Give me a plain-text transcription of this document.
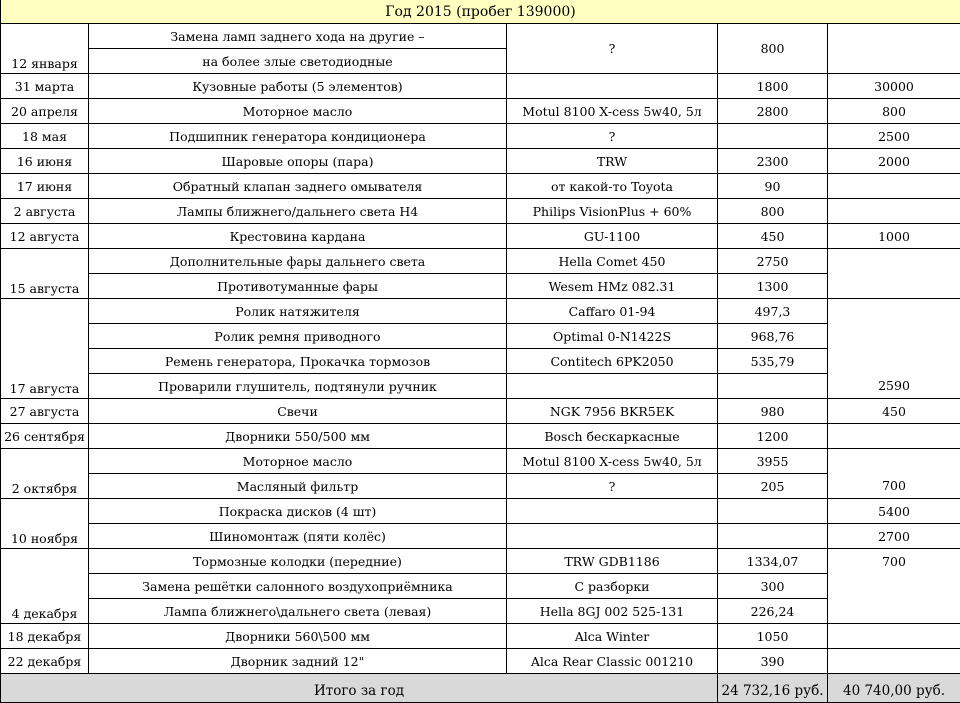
Год 2015 (пробег 139000)				
12 января	Замена ламп заднего хода на другие –	?	800	
	на более злые светодиодные			
31 марта	Кузовные работы (5 элементов)		1800	30000
20 апреля	Моторное масло	Motul 8100 X-cess 5w40, 5л	2800	800
18 мая	Подшипник генератора кондиционера	?		2500
16 июня	Шаровые опоры (пара)	TRW	2300	2000
17 июня	Обратный клапан заднего омывателя	от какой-то Toyota	90	
2 августа	Лампы ближнего/дальнего света H4	Philips VisionPlus + 60%	800	
12 августа	Крестовина кардана	GU-1100	450	1000
15 августа	Дополнительные фары дальнего света	Hella Comet 450	2750	
	Противотуманные фары	Wesem HMz 082.31	1300	
17 августа	Ролик натяжителя	Caffaro 01-94	497,3	
	Ролик ремня приводного	Optimal 0-N1422S	968,76	
	Ремень генератора, Прокачка тормозов	Contitech 6PK2050	535,79	
	Проварили глушитель, подтянули ручник			2590
27 августа	Свечи	NGK 7956 BKR5EK	980	450
26 сентября	Дворники 550/500 мм	Bosch бескаркасные	1200	
2 октября	Моторное масло	Motul 8100 X-cess 5w40, 5л	3955	
	Масляный фильтр	?	205	700
10 ноября	Покраска дисков (4 шт)			5400
	Шиномонтаж (пяти колёс)			2700
4 декабря	Тормозные колодки (передние)	TRW GDB1186	1334,07	700
	Замена решётки салонного воздухоприёмника	С разборки	300	
	Лампа ближнего\дальнего света (левая)	Hella 8GJ 002 525-131	226,24	
18 декабря	Дворники 560\500 мм	Alca Winter	1050	
22 декабря	Дворник задний 12"	Alca Rear Classic 001210	390	
Итого за год			24 732,16 руб.	40 740,00 руб.
